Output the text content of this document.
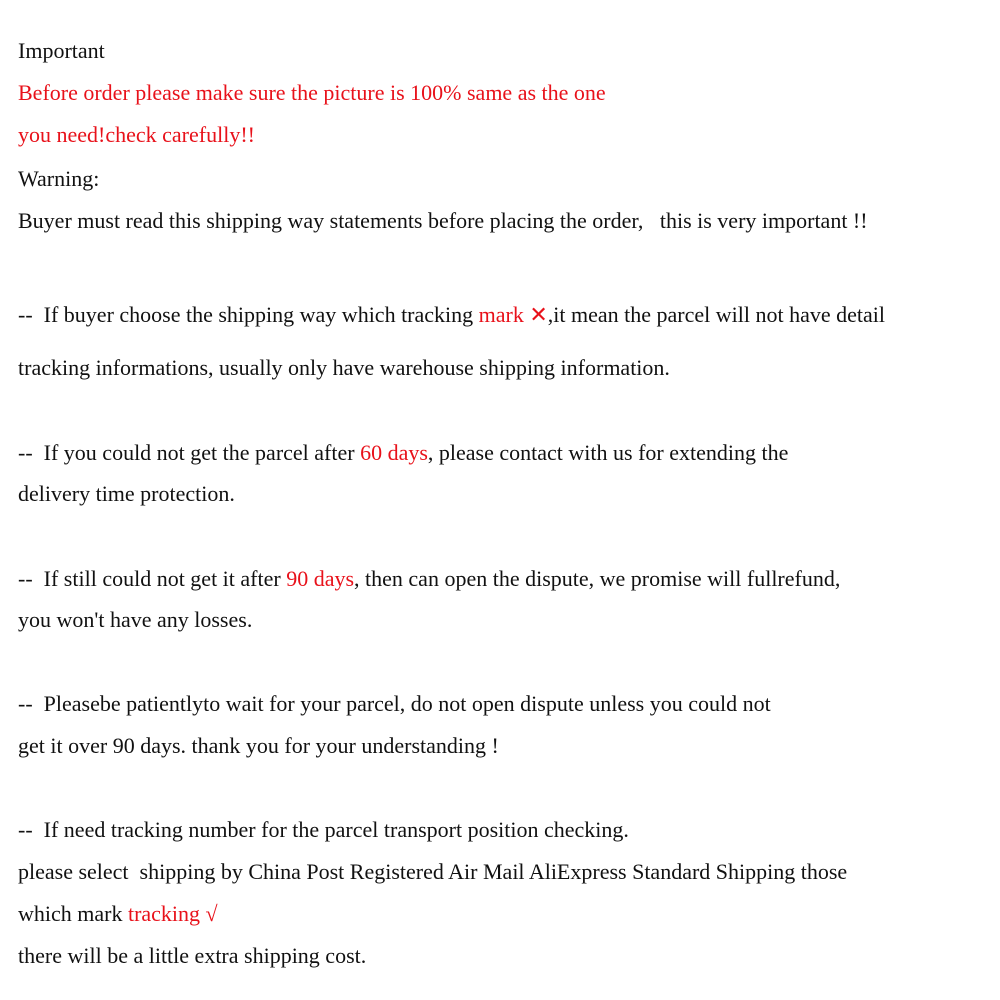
Important
Before order please make sure the picture is 100% same as the one
you need!check carefully!!
Warning:
Buyer must read this shipping way statements before placing the order,   this is very important !!
--  If buyer choose the shipping way which tracking mark ✕,it mean the parcel will not have detail
tracking informations, usually only have warehouse shipping information.
--  If you could not get the parcel after 60 days, please contact with us for extending the
delivery time protection.
--  If still could not get it after 90 days, then can open the dispute, we promise will fullrefund,
you won't have any losses.
--  Pleasebe patientlyto wait for your parcel, do not open dispute unless you could not
get it over 90 days. thank you for your understanding !
--  If need tracking number for the parcel transport position checking.
please select  shipping by China Post Registered Air Mail AliExpress Standard Shipping those
which mark tracking √
there will be a little extra shipping cost.
